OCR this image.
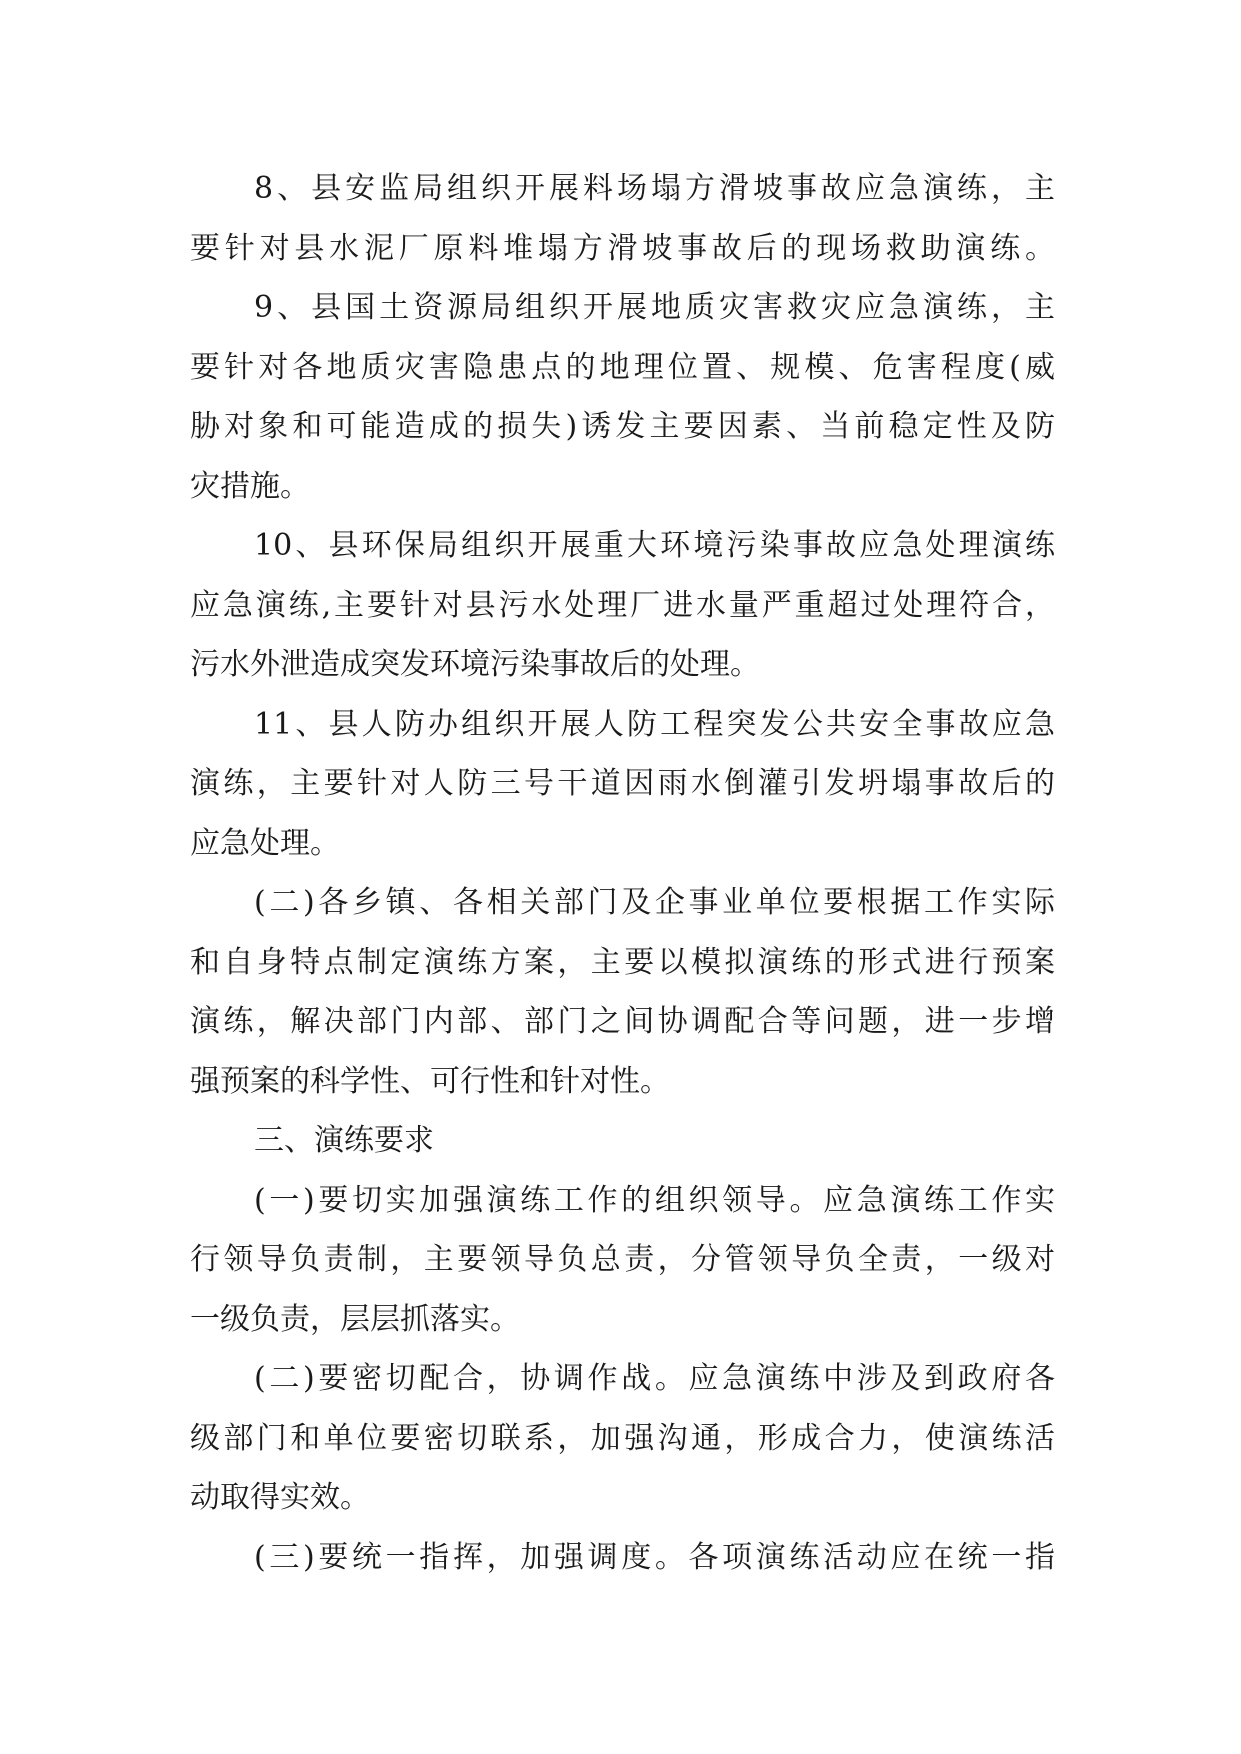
8、县安监局组织开展料场塌方滑坡事故应急演练，主
要针对县水泥厂原料堆塌方滑坡事故后的现场救助演练。
9、县国土资源局组织开展地质灾害救灾应急演练，主
要针对各地质灾害隐患点的地理位置、规模、危害程度(威
胁对象和可能造成的损失)诱发主要因素、当前稳定性及防
灾措施。
10、县环保局组织开展重大环境污染事故应急处理演练
应急演练,主要针对县污水处理厂进水量严重超过处理符合，
污水外泄造成突发环境污染事故后的处理。
11、县人防办组织开展人防工程突发公共安全事故应急
演练，主要针对人防三号干道因雨水倒灌引发坍塌事故后的
应急处理。
(二)各乡镇、各相关部门及企事业单位要根据工作实际
和自身特点制定演练方案，主要以模拟演练的形式进行预案
演练，解决部门内部、部门之间协调配合等问题，进一步增
强预案的科学性、可行性和针对性。
三、演练要求
(一)要切实加强演练工作的组织领导。应急演练工作实
行领导负责制，主要领导负总责，分管领导负全责，一级对
一级负责，层层抓落实。
(二)要密切配合，协调作战。应急演练中涉及到政府各
级部门和单位要密切联系，加强沟通，形成合力，使演练活
动取得实效。
(三)要统一指挥，加强调度。各项演练活动应在统一指
